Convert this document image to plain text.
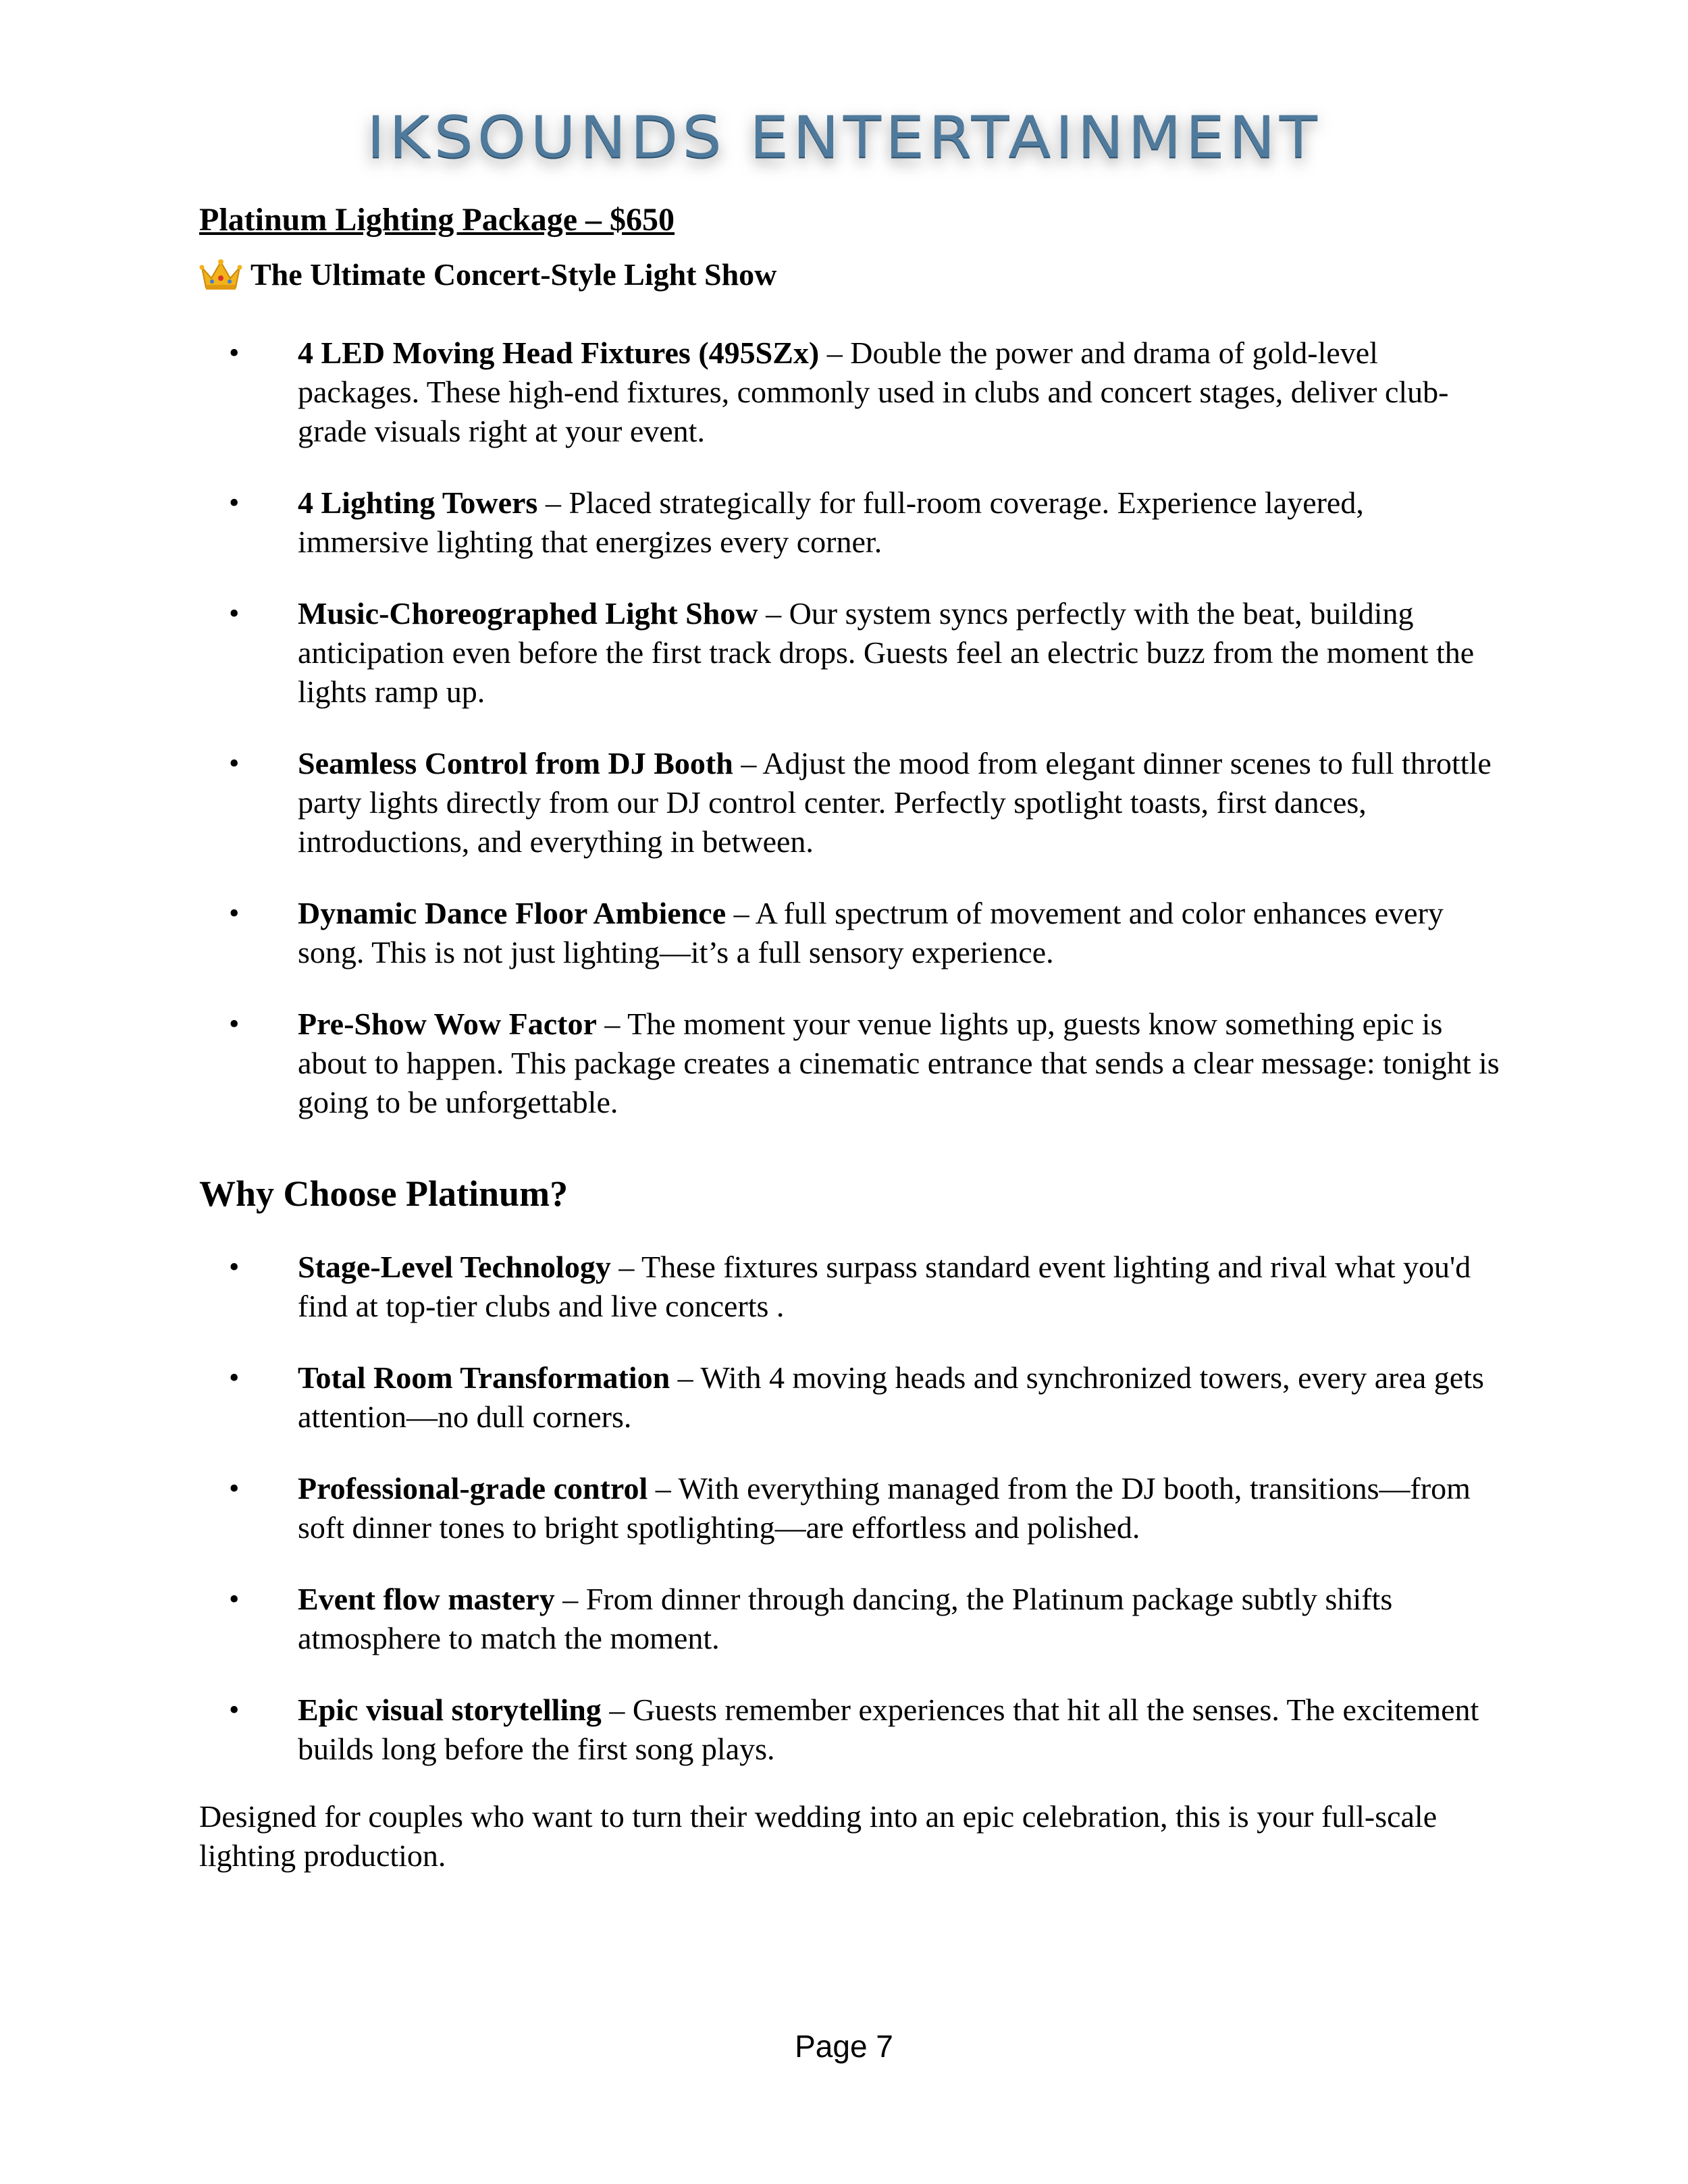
IKSOUNDS ENTERTAINMENT

Platinum Lighting Package – $650

The Ultimate Concert-Style Light Show

• 4 LED Moving Head Fixtures (495SZx) – Double the power and drama of gold-level packages. These high-end fixtures, commonly used in clubs and concert stages, deliver club-grade visuals right at your event.
• 4 Lighting Towers – Placed strategically for full-room coverage. Experience layered, immersive lighting that energizes every corner.
• Music-Choreographed Light Show – Our system syncs perfectly with the beat, building anticipation even before the first track drops. Guests feel an electric buzz from the moment the lights ramp up.
• Seamless Control from DJ Booth – Adjust the mood from elegant dinner scenes to full throttle party lights directly from our DJ control center. Perfectly spotlight toasts, first dances, introductions, and everything in between.
• Dynamic Dance Floor Ambience – A full spectrum of movement and color enhances every song. This is not just lighting—it’s a full sensory experience.
• Pre-Show Wow Factor – The moment your venue lights up, guests know something epic is about to happen. This package creates a cinematic entrance that sends a clear message: tonight is going to be unforgettable.

Why Choose Platinum?

• Stage-Level Technology – These fixtures surpass standard event lighting and rival what you'd find at top-tier clubs and live concerts .
• Total Room Transformation – With 4 moving heads and synchronized towers, every area gets attention—no dull corners.
• Professional-grade control – With everything managed from the DJ booth, transitions—from soft dinner tones to bright spotlighting—are effortless and polished.
• Event flow mastery – From dinner through dancing, the Platinum package subtly shifts atmosphere to match the moment.
• Epic visual storytelling – Guests remember experiences that hit all the senses. The excitement builds long before the first song plays.

Designed for couples who want to turn their wedding into an epic celebration, this is your full-scale lighting production.

Page 7
